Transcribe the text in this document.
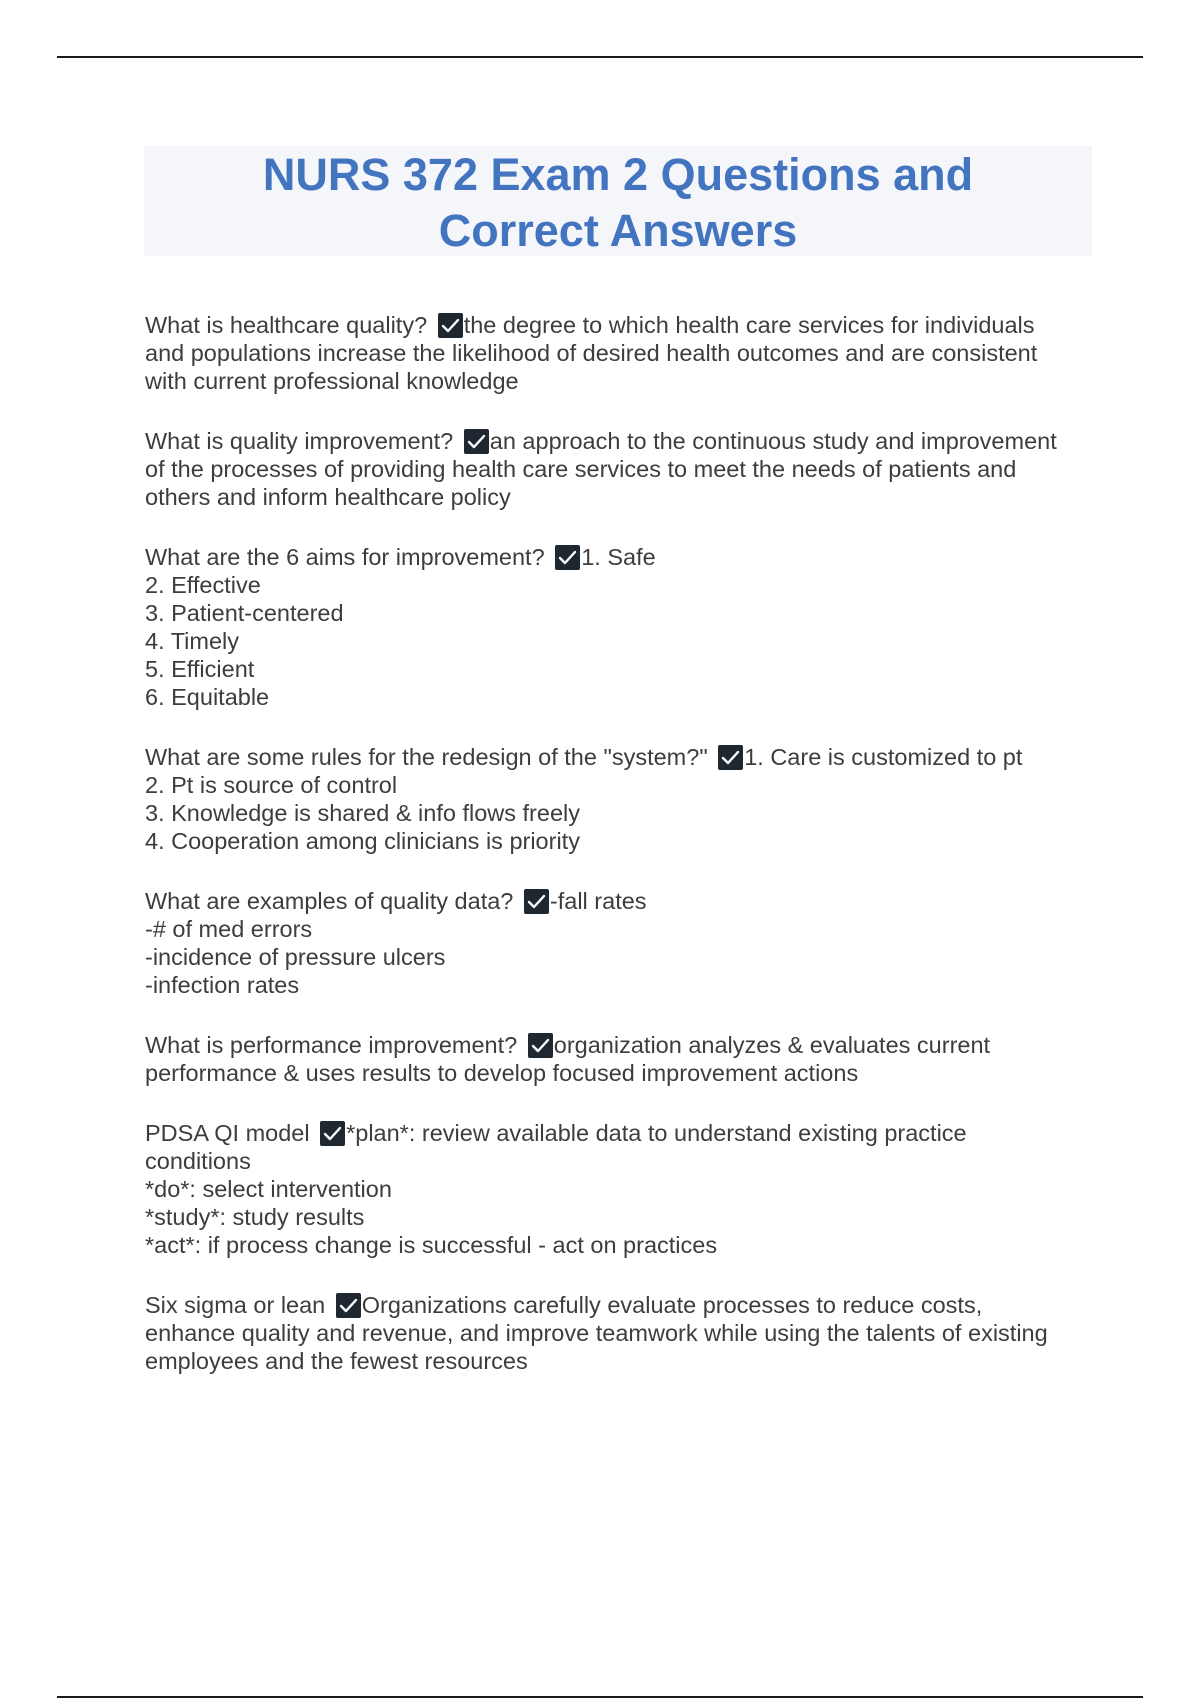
NURS 372 Exam 2 Questions and
Correct Answers

What is healthcare quality? the degree to which health care services for individuals
and populations increase the likelihood of desired health outcomes and are consistent
with current professional knowledge

What is quality improvement? an approach to the continuous study and improvement
of the processes of providing health care services to meet the needs of patients and
others and inform healthcare policy

What are the 6 aims for improvement? 1. Safe
2. Effective
3. Patient-centered
4. Timely
5. Efficient
6. Equitable

What are some rules for the redesign of the "system?" 1. Care is customized to pt
2. Pt is source of control
3. Knowledge is shared & info flows freely
4. Cooperation among clinicians is priority

What are examples of quality data? -fall rates
-# of med errors
-incidence of pressure ulcers
-infection rates

What is performance improvement? organization analyzes & evaluates current
performance & uses results to develop focused improvement actions

PDSA QI model *plan*: review available data to understand existing practice
conditions
*do*: select intervention
*study*: study results
*act*: if process change is successful - act on practices

Six sigma or lean Organizations carefully evaluate processes to reduce costs,
enhance quality and revenue, and improve teamwork while using the talents of existing
employees and the fewest resources
